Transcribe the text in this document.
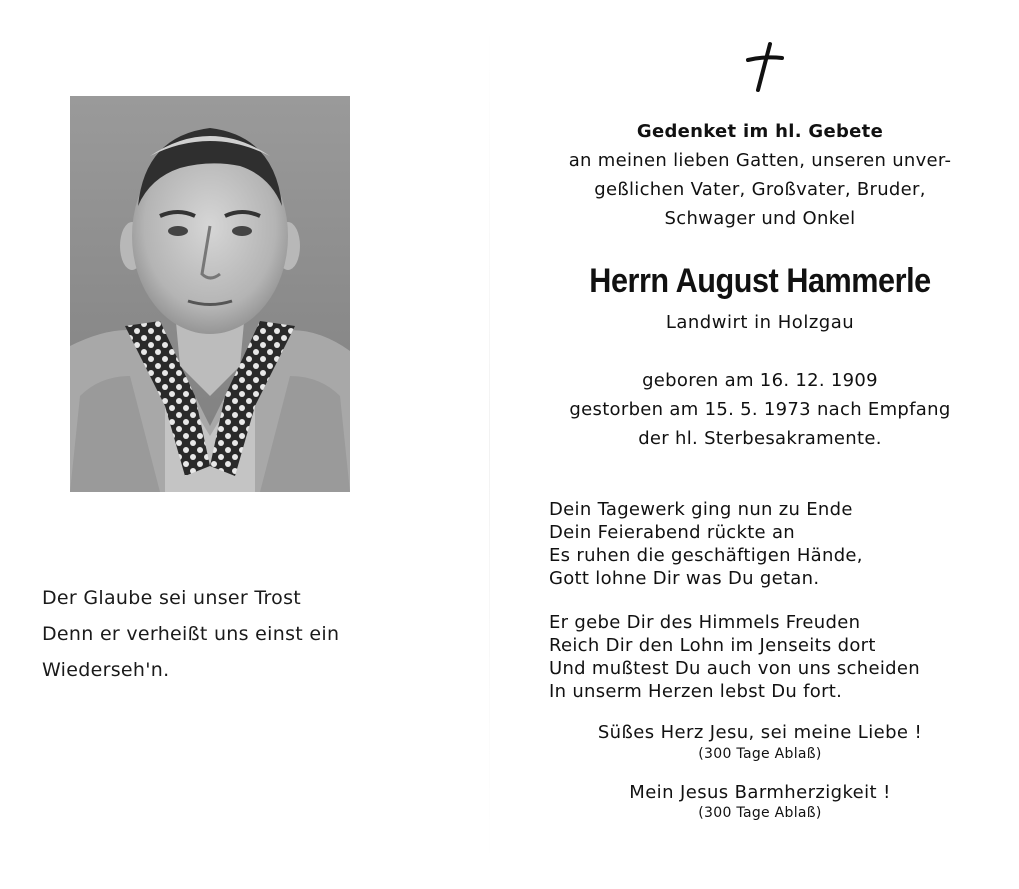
Der Glaube sei unser Trost
Denn er verheißt uns einst ein
Wiederseh'n.
Gedenket im hl. Gebete
an meinen lieben Gatten, unseren unver-
geßlichen Vater, Großvater, Bruder,
Schwager und Onkel
Herrn August Hammerle
Landwirt in Holzgau
geboren am 16. 12. 1909
gestorben am 15. 5. 1973 nach Empfang
der hl. Sterbesakramente.
Dein Tagewerk ging nun zu Ende
Dein Feierabend rückte an
Es ruhen die geschäftigen Hände,
Gott lohne Dir was Du getan.
Er gebe Dir des Himmels Freuden
Reich Dir den Lohn im Jenseits dort
Und mußtest Du auch von uns scheiden
In unserm Herzen lebst Du fort.
Süßes Herz Jesu, sei meine Liebe !
(300 Tage Ablaß)
Mein Jesus Barmherzigkeit !
(300 Tage Ablaß)
